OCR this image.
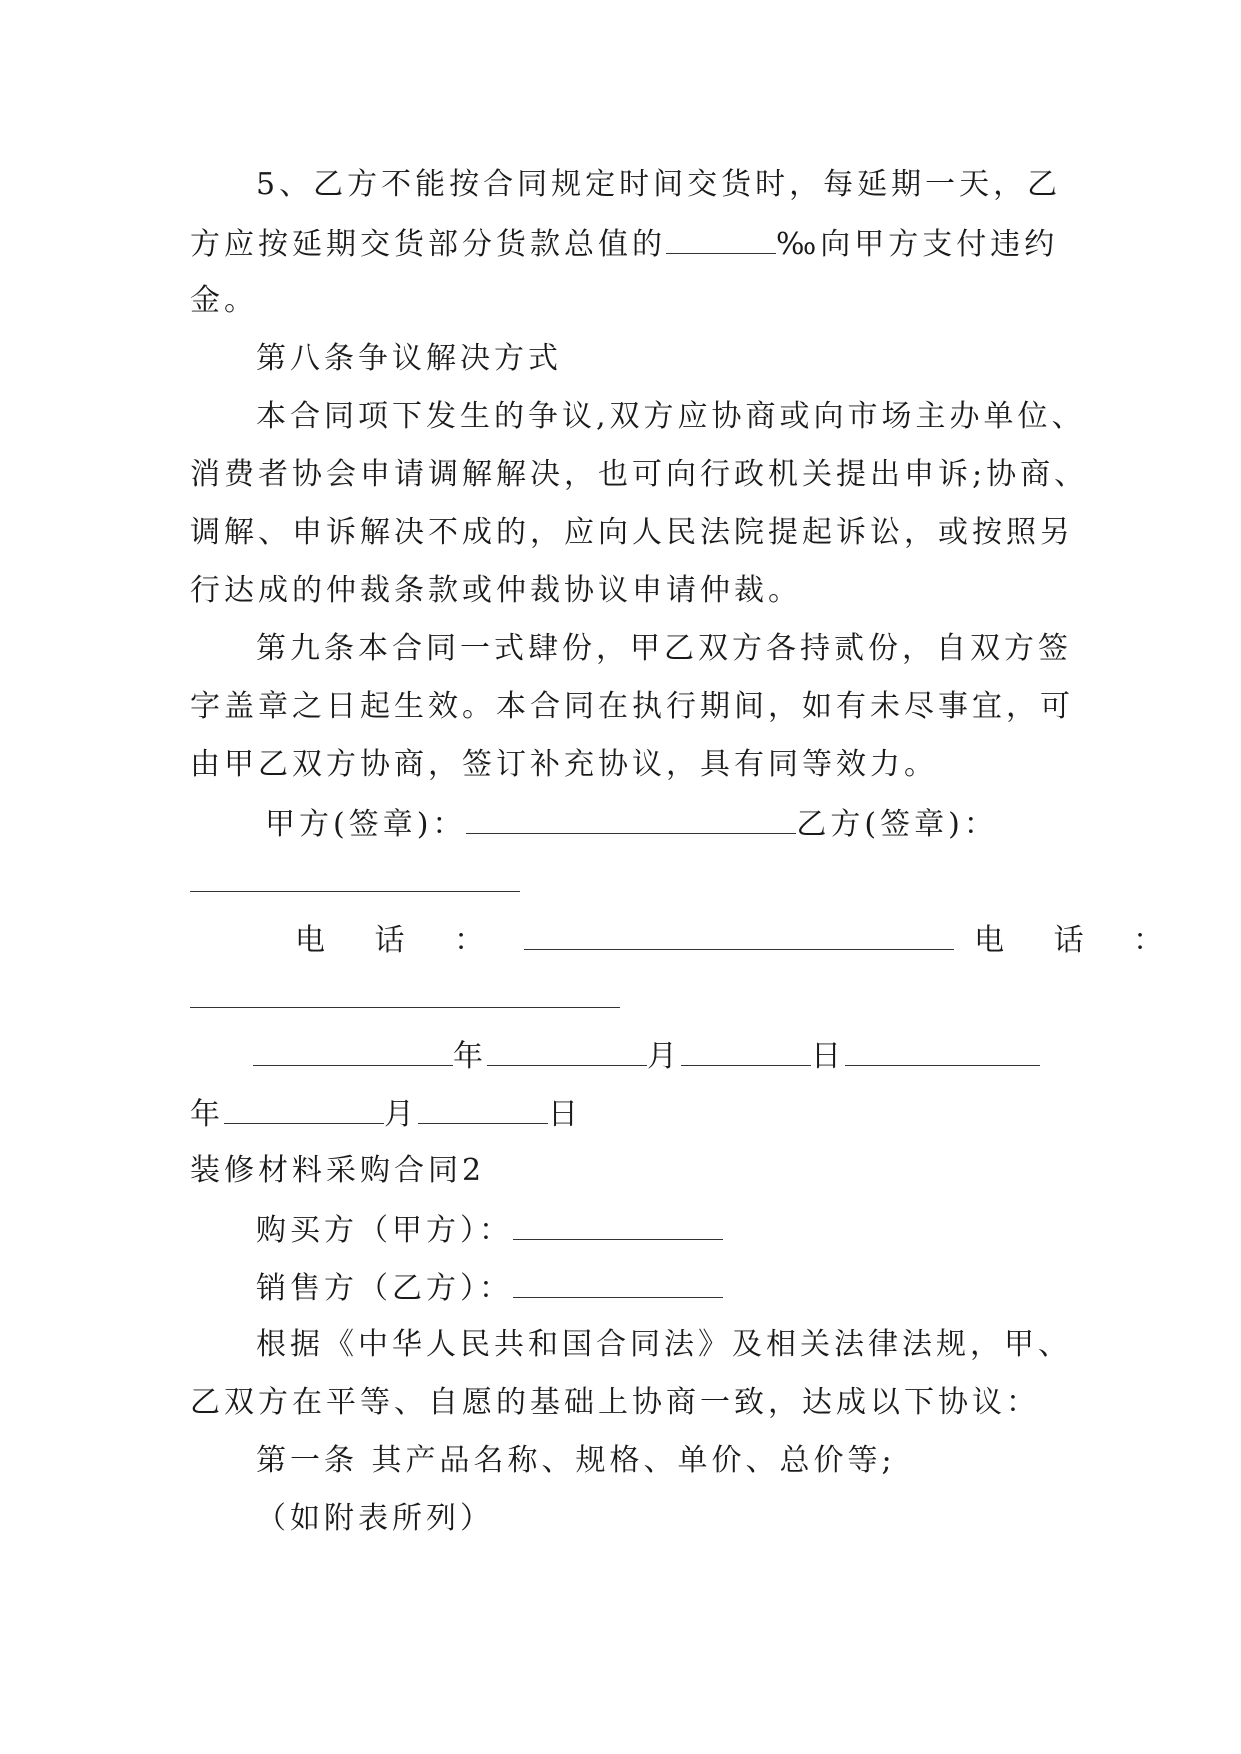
5、乙方不能按合同规定时间交货时，每延期一天，乙
方应按延期交货部分货款总值的	‰向甲方支付违约
金。
第八条争议解决方式
本合同项下发生的争议,双方应协商或向市场主办单位、
消费者协会申请调解解决，也可向行政机关提出申诉;协商、
调解、申诉解决不成的，应向人民法院提起诉讼，或按照另
行达成的仲裁条款或仲裁协议申请仲裁。
第九条本合同一式肆份，甲乙双方各持贰份，自双方签
字盖章之日起生效。本合同在执行期间，如有未尽事宜，可
由甲乙双方协商，签订补充协议，具有同等效力。
甲方(签章)：	乙方(签章)：
电 话 ：	电 话 ：
年	月	日
年	月	日
装修材料采购合同2
购买方（甲方）：
销售方（乙方）：
根据《中华人民共和国合同法》及相关法律法规，甲、
乙双方在平等、自愿的基础上协商一致，达成以下协议：
第一条 其产品名称、规格、单价、总价等;
（如附表所列）
